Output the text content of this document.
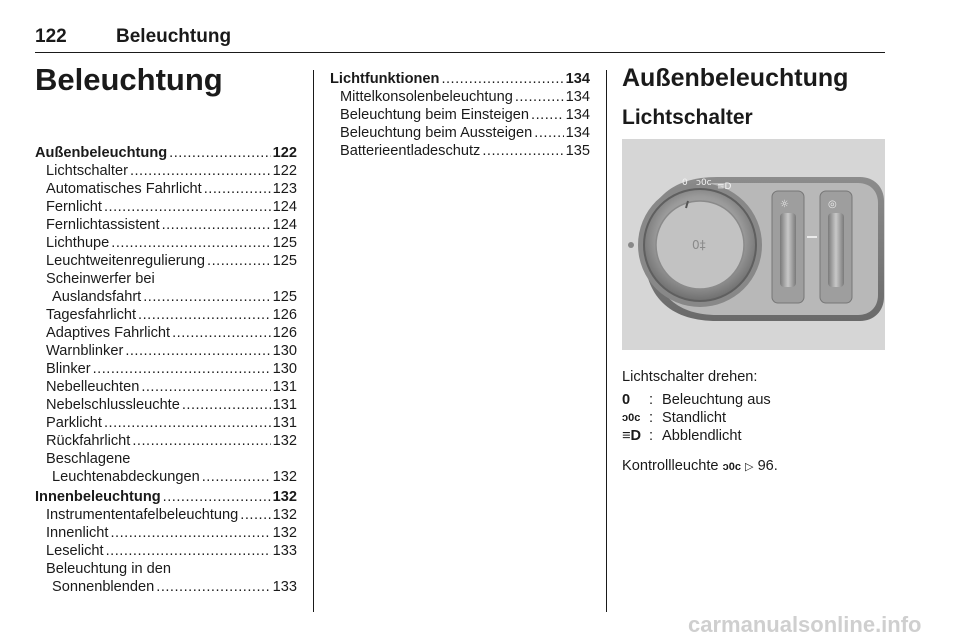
122	Beleuchtung
Beleuchtung
Außenbeleuchtung .....	122
Lichtschalter .....	122
Automatisches Fahrlicht .....	123
Fernlicht .....	124
Fernlichtassistent .....	124
Lichthupe .....	125
Leuchtweitenregulierung .....	125
Scheinwerfer bei
Auslandsfahrt .....	125
Tagesfahrlicht .....	126
Adaptives Fahrlicht .....	126
Warnblinker .....	130
Blinker .....	130
Nebelleuchten .....	131
Nebelschlussleuchte .....	131
Parklicht .....	131
Rückfahrlicht .....	132
Beschlagene
Leuchtenabdeckungen .....	132
Innenbeleuchtung .....	132
Instrumententafelbeleuchtung ..... 132
Innenlicht .....	132
Leselicht .....	133
Beleuchtung in den
Sonnenblenden .....	133
Lichtfunktionen .....	134
Mittelkonsolenbeleuchtung .....	134
Beleuchtung beim Einsteigen .....	134
Beleuchtung beim Aussteigen ..... 134
Batterieentladeschutz .....	135
Außenbeleuchtung
Lichtschalter
0 ᴐ0ᴄ ≡D
0‡
☼	◎
Lichtschalter drehen:
0	: Beleuchtung aus
ᴐ0ᴄ : Standlicht
≡D : Abblendlicht
Kontrollleuchte ᴐ0ᴄ ▷ 96.
carmanualsonline.info
